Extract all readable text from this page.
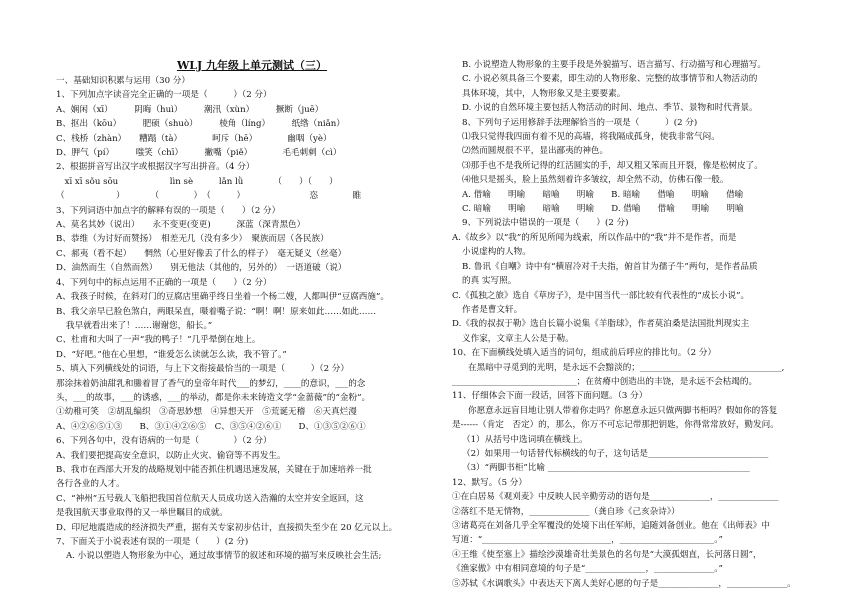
WLJ 九年级上单元测试（三）
一、基础知识积累与运用（30 分）
1、下列加点字读音完全正确的一项是（　　　）（2 分）
A、娴闲（xī）　　　阴晦（huì）　　　潮汛（xùn）　　　撅断（juē）
B、抠出（kōu）　　　肥硕（shuò）　　　棱角（líng）　　　纸绺（niǎn）
C、栈桥（zhàn）　　糟蹋（tà）　　　　呵斥（hē）　　　　幽咽（yè）
D、胛气（pí）　　　嗤笑（chī）　　　撇嘴（piě）　　　　毛毛刺刺（cì）
2、根据拼音写出汉字或根据汉字写出拼音。（4 分）
　xī xī sǒu sōu　　　　　　lìn sè　　　lǎn lǜ　　　　（　　）（　　）
（　　　　　　）　　　　（　　　　）　（　　　）　　　　　　　　恣　　　　睢
3、下列词语中加点字的解释有误的一项是（　　）（2 分）
A、莫名其妙（说出）　　永不变更(变更)　　　深蓝（深青黑色）
B、恭维（为讨好而赞扬）　相差无几（没有多少）　聚族而居（各民族）
C、郝夷（看不起）　　惘然（心里好像丢了什么的样子）　毫无疑义（丝毫）
D、油然而生（自然而然）　　别无他法（其他的，另外的）　一语道破（说）
4、下列句中的标点运用不正确的一项是（　　）（2 分）
A、我孩子时候，在斜对门的豆腐店里确乎终日坐着一个杨二嫂，人都叫伊“豆腐西施”。
B、我父亲早已脸色煞白，两眼呆直，嗫着嘴子说：“啊！啊！原来如此……如此……
我早就看出来了！……谢谢您，船长。”
C、杜甫和大叫了一声“我的鸭子！”几乎晕倒在地上。
D、“好吧。”他在心里想，“谁爱怎么读就怎么读，我不管了。”
5、填入下列横线处的词语，与上下文衔接最恰当的一项是（　　　）（2 分）
那涂抹着奶油甜乳和縢着冒了香气的皇帝年时代___的梦幻，____的意识，___的念
头，___的故事，___的诱惑，___的举动，都是你未来铸造文学“金蔷薇”的“金粉”。
①幼稚可笑　②胡乱编织　③奇思妙想　④异想天开　⑤荒诞无稽　⑥天真烂漫
A、④②⑥⑤①③　　B、③①④②⑥⑤　C、③⑤④②⑥①　　D、①③⑤②⑥①
6、下列各句中，没有语病的一句是（　　　　）（2 分）
A、我们要把提高安全意识，以防止火灾、偷窃等不再发生。
B、我市在西部大开发的战略规划中能否抓住机遇迅速发展，关键在于加速培养一批
各行各业的人才。
C、“神州”五号载人飞船把我国首位航天人员成功送入浩瀚的太空并安全返回，这
是我国航天事业取得的又一举世瞩目的成就。
D、印尼地震造成的经济损失严重，据有关专家初步估计，直接损失至少在 20 亿元以上。
7、下面关于小说表述有误的一项是（　　）(2 分)
A. 小说以塑造人物形象为中心，通过故事情节的叙述和环境的描写来反映社会生活;
B. 小说塑造人物形象的主要手段是外貌描写、语言描写、行动描写和心理描写。
C. 小说必须具备三个要素，即生动的人物形象、完整的故事情节和人物活动的
具体环境，其中，人物形象又是主要要素。
D. 小说的自然环境主要包括人物活动的时间、地点、季节、景物和时代背景。
8、下列句子运用修辞手法理解恰当的一项是（　　　）(2 分)
⑴我只觉得我四面有着不见的高墙，将我隔成孤身，使我非常气闷。
⑵然而圆规很不平，显出鄙夷的神色。
⑶那手也不是我所记得的红活圆实的手，却又粗又笨而且开裂，像是松树皮了。
⑷他只是摇头，脸上虽然刻着许多皱纹，却全然不动，仿佛石像一般。
A. 借喻　　明喻　　暗喻　　明喻　　B. 暗喻　　借喻　　明喻　　借喻
C. 暗喻　　明喻　　暗喻　　明喻　　D. 借喻　　借喻　　明喻　　明喻
9、下列说法中错误的一项是（　　）(2 分)
A.《故乡》以“我”的所见所闻为线索，所以作品中的“我”并不是作者，而是
小说虚构的人物。
B. 鲁讯《自嘲》诗中有“横眉冷对千夫指，俯首甘为孺子牛”两句，是作者品质
的真 实写照。
C.《孤独之旅》选自《草房子》，是中国当代一部比较有代表性的“成长小说”。
作者是曹文轩。
D.《我的叔叔于勒》选自长篇小说集《羊脂球》，作者莫泊桑是法国批判现实主
义作家，文章主人公是于勒。
10、在下面横线处填入适当的词句，组成前后呼应的排比句。（2 分）
在黑暗中寻觅到的光明，是永远不会黯淡的；_________________________________,
_____________________________；在贫瘠中创造出的丰饶，是永远不会枯竭的。
11、仔细体会下面一段话，回答下面问题。（3 分）
你愿意永远盲目地让别人带着你走吗？你愿意永远只做两脚书柜吗？假如你的答复
是------（肯定　否定）的，那么，你万不可忘记带那把钥匙，你得常常放好，勤发问。
（1）从括号中选词填在横线上。
（2）如果用一句话替代标横线的句子，这句话是____________________________
（3）“两脚书柜”比喻 _______________________________________________
12、默写。（5 分）
①在白居易《观刈麦》中反映人民辛勤劳动的语句是______________，______________
②落红不是无情物，______________（龚自珍《己亥杂诗》）
③诸葛亮在刘备几乎全军覆没的处境下出任军师，追随刘备创业。他在《出师表》中
写道：“______________________________，______________________。”
④王维《使至塞上》描绘沙漠雄奇壮美景色的名句是“大漠孤烟直，长河落日圆”，
《渔家傲》中有相同意境的句子是“______________，______________。”
⑤苏轼《水调歌头》中表达天下离人美好心愿的句子是______________，______________。
